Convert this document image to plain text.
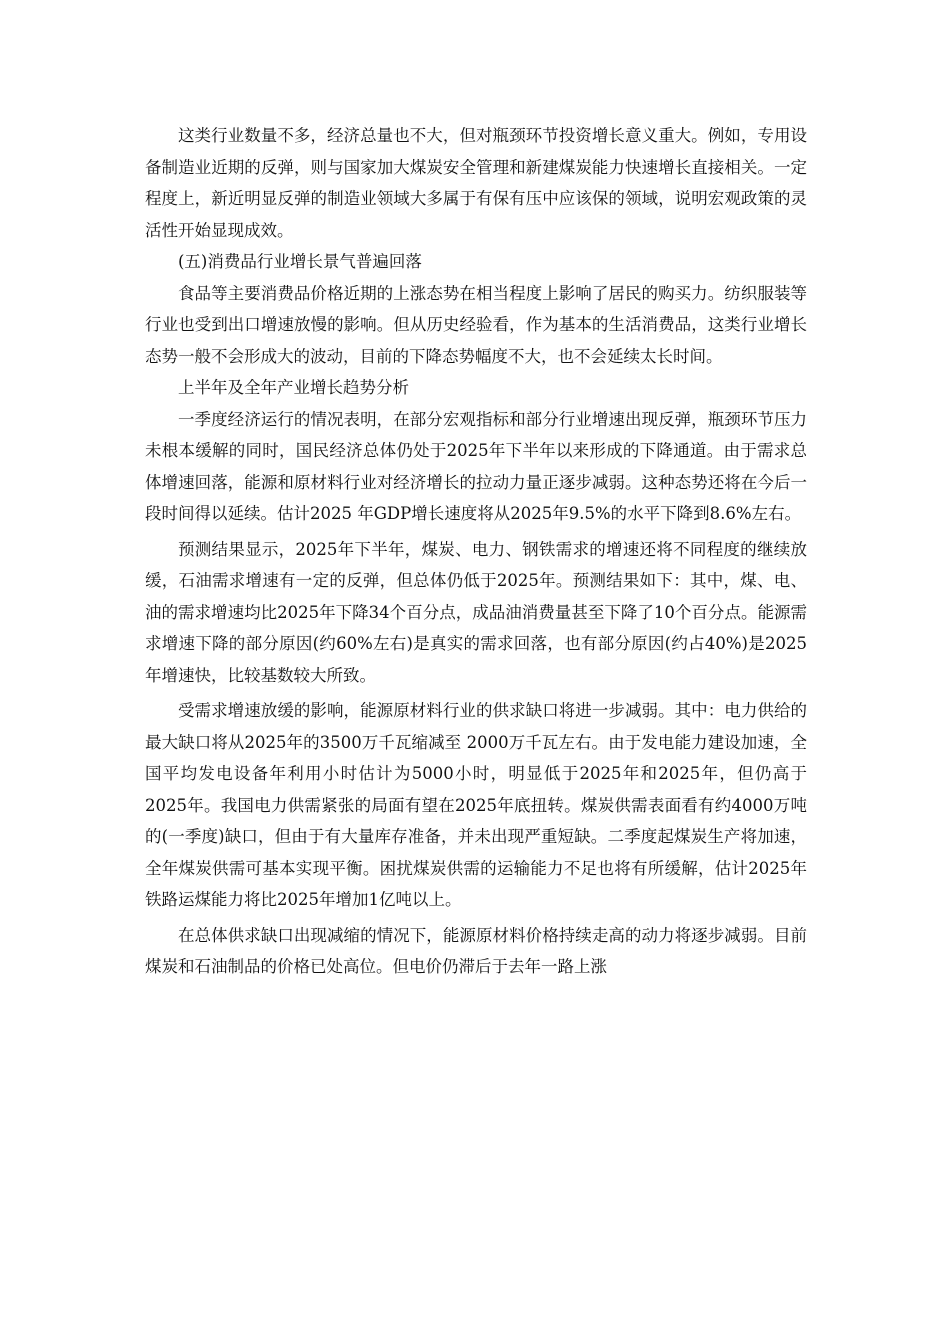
这类行业数量不多，经济总量也不大，但对瓶颈环节投资增长意义重大。例如，专用设备制造业近期的反弹，则与国家加大煤炭安全管理和新建煤炭能力快速增长直接相关。一定程度上，新近明显反弹的制造业领域大多属于有保有压中应该保的领域，说明宏观政策的灵活性开始显现成效。

(五)消费品行业增长景气普遍回落

食品等主要消费品价格近期的上涨态势在相当程度上影响了居民的购买力。纺织服装等行业也受到出口增速放慢的影响。但从历史经验看，作为基本的生活消费品，这类行业增长态势一般不会形成大的波动，目前的下降态势幅度不大，也不会延续太长时间。

上半年及全年产业增长趋势分析

一季度经济运行的情况表明，在部分宏观指标和部分行业增速出现反弹，瓶颈环节压力未根本缓解的同时，国民经济总体仍处于2025年下半年以来形成的下降通道。由于需求总体增速回落，能源和原材料行业对经济增长的拉动力量正逐步减弱。这种态势还将在今后一段时间得以延续。估计2025 年GDP增长速度将从2025年9.5%的水平下降到8.6%左右。

预测结果显示，2025年下半年，煤炭、电力、钢铁需求的增速还将不同程度的继续放缓，石油需求增速有一定的反弹，但总体仍低于2025年。预测结果如下：其中，煤、电、油的需求增速均比2025年下降34个百分点，成品油消费量甚至下降了10个百分点。能源需求增速下降的部分原因(约60%左右)是真实的需求回落，也有部分原因(约占40%)是2025年增速快，比较基数较大所致。

受需求增速放缓的影响，能源原材料行业的供求缺口将进一步减弱。其中：电力供给的最大缺口将从2025年的3500万千瓦缩减至 2000万千瓦左右。由于发电能力建设加速，全国平均发电设备年利用小时估计为5000小时，明显低于2025年和2025年，但仍高于2025年。我国电力供需紧张的局面有望在2025年底扭转。煤炭供需表面看有约4000万吨的(一季度)缺口，但由于有大量库存准备，并未出现严重短缺。二季度起煤炭生产将加速，全年煤炭供需可基本实现平衡。困扰煤炭供需的运输能力不足也将有所缓解，估计2025年铁路运煤能力将比2025年增加1亿吨以上。

在总体供求缺口出现减缩的情况下，能源原材料价格持续走高的动力将逐步减弱。目前煤炭和石油制品的价格已处高位。但电价仍滞后于去年一路上涨
